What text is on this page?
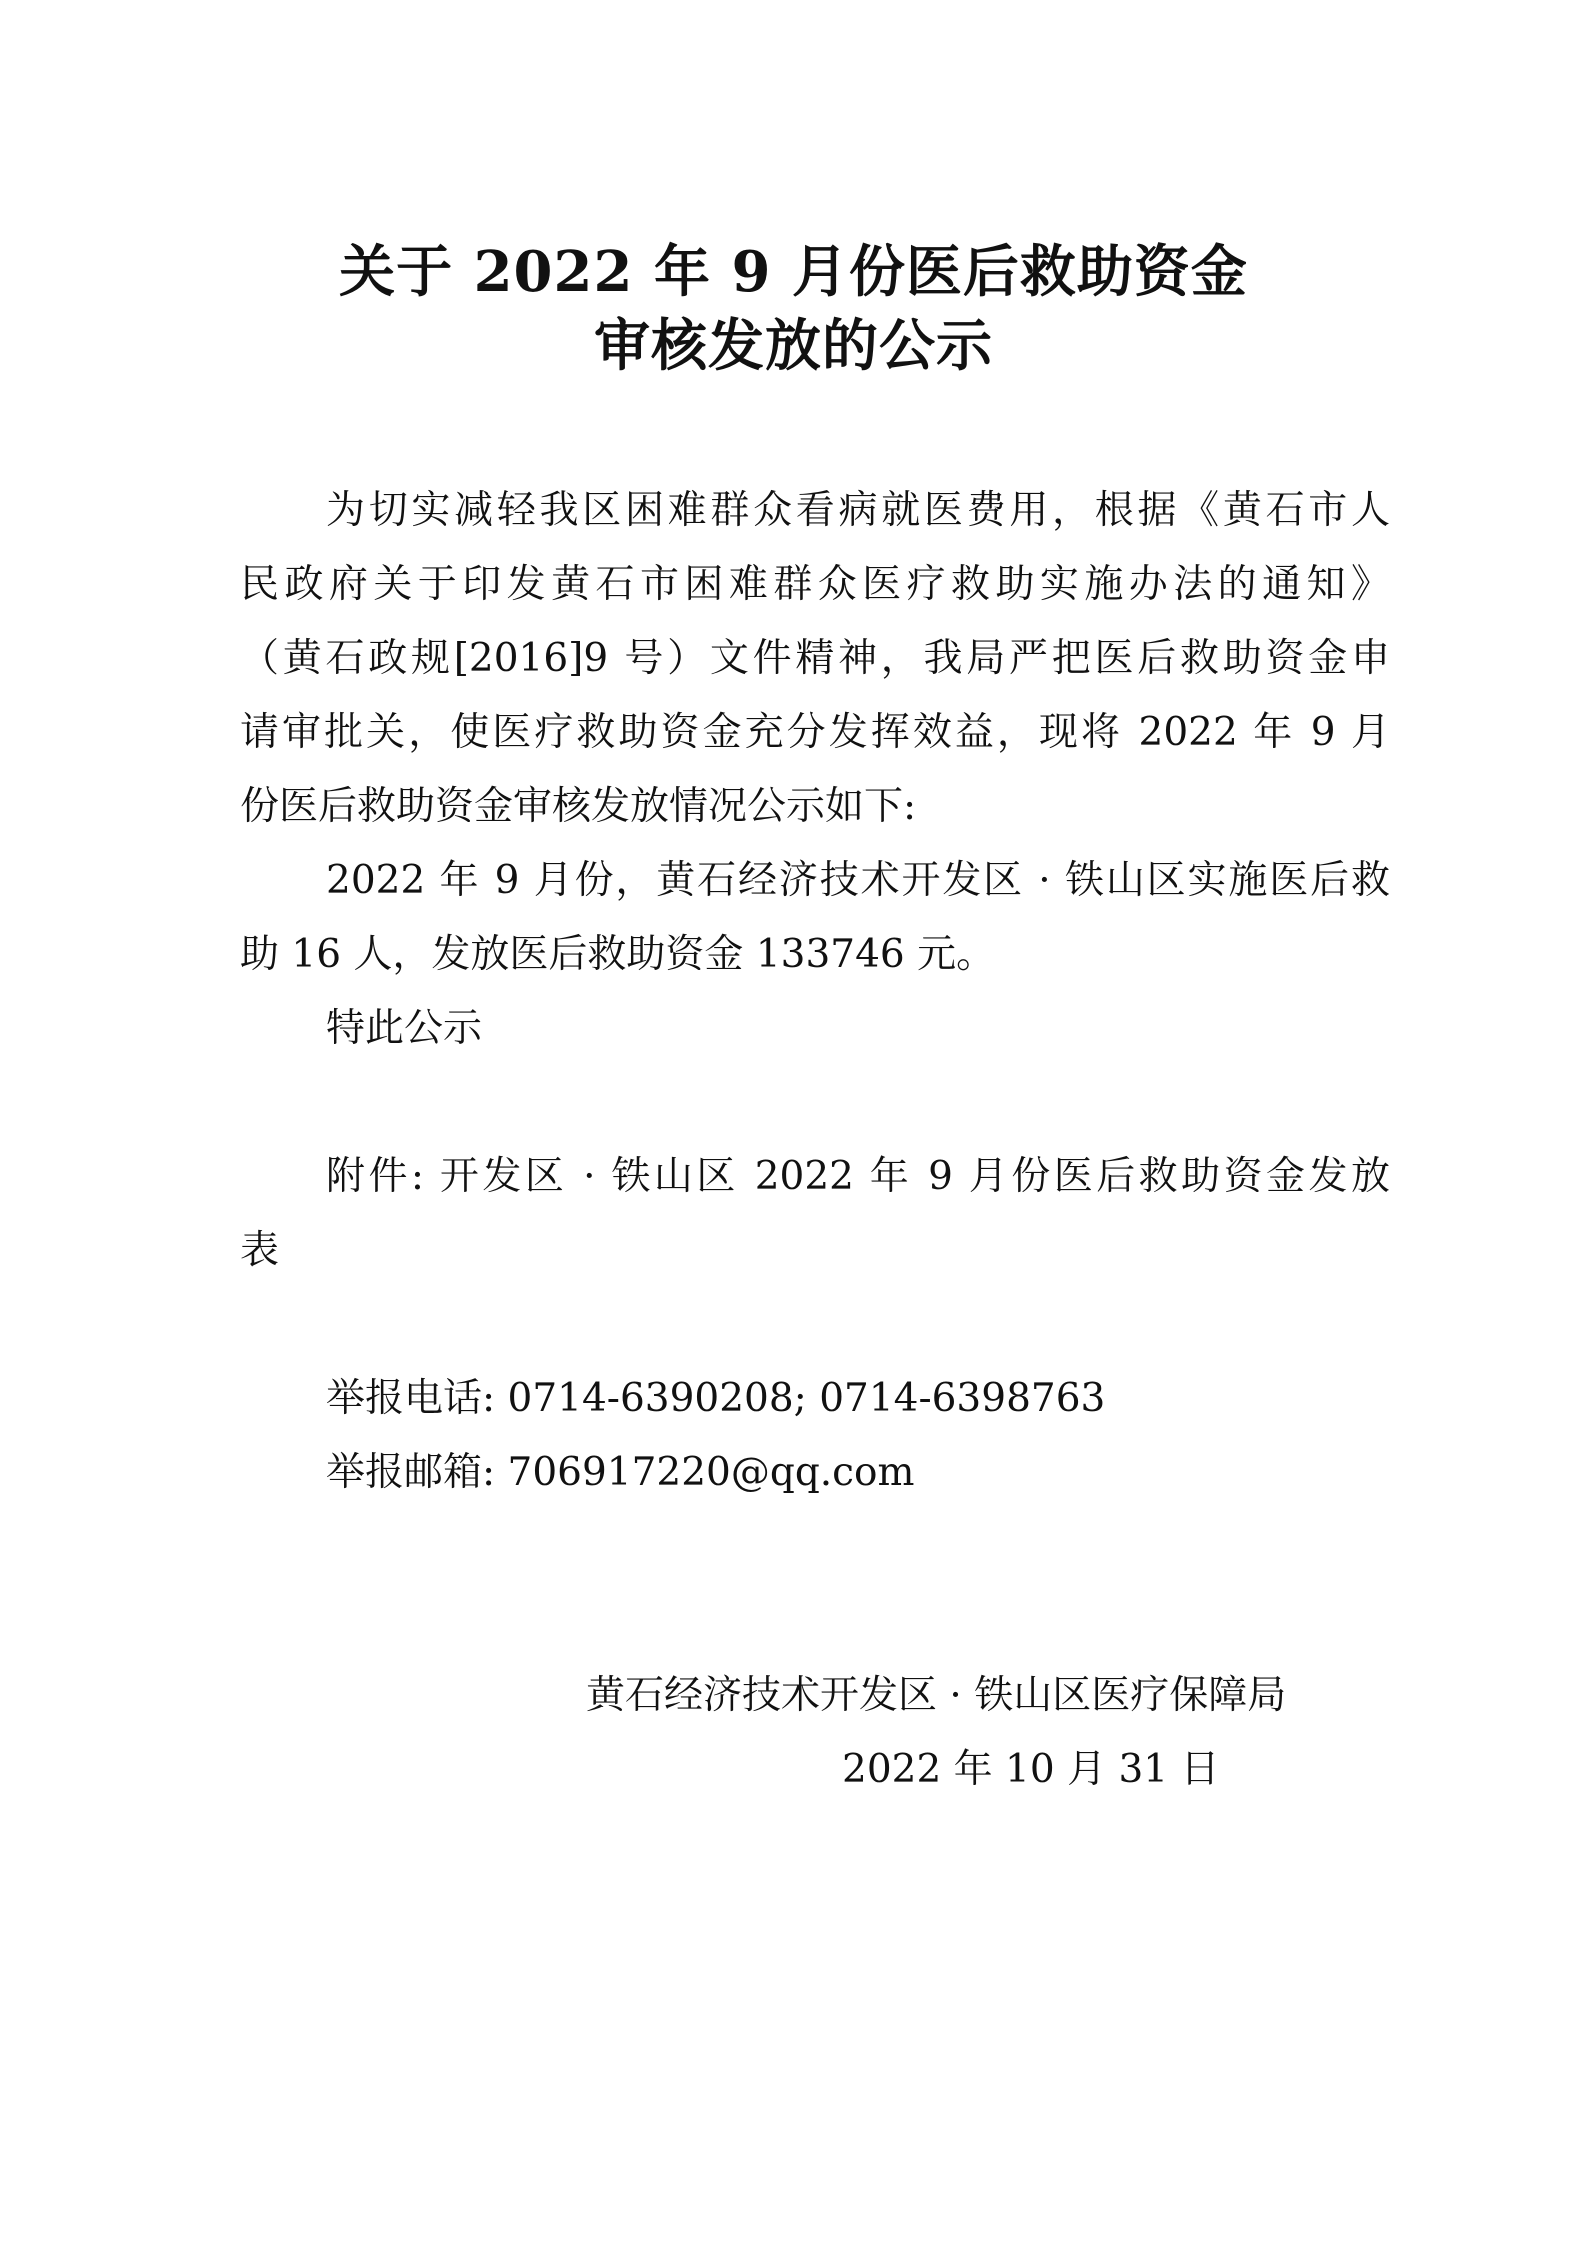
关于 2022 年 9 月份医后救助资金
审核发放的公示
为切实减轻我区困难群众看病就医费用，根据《黄石市人
民政府关于印发黄石市困难群众医疗救助实施办法的通知》
（黄石政规[2016]9 号）文件精神，我局严把医后救助资金申
请审批关，使医疗救助资金充分发挥效益，现将 2022 年 9 月
份医后救助资金审核发放情况公示如下:
2022 年 9 月份，黄石经济技术开发区 · 铁山区实施医后救
助 16 人，发放医后救助资金 133746 元。
特此公示
附件: 开发区 · 铁山区 2022 年 9 月份医后救助资金发放
表
举报电话: 0714-6390208; 0714-6398763
举报邮箱: 706917220@qq.com
黄石经济技术开发区 · 铁山区医疗保障局
2022 年 10 月 31 日
